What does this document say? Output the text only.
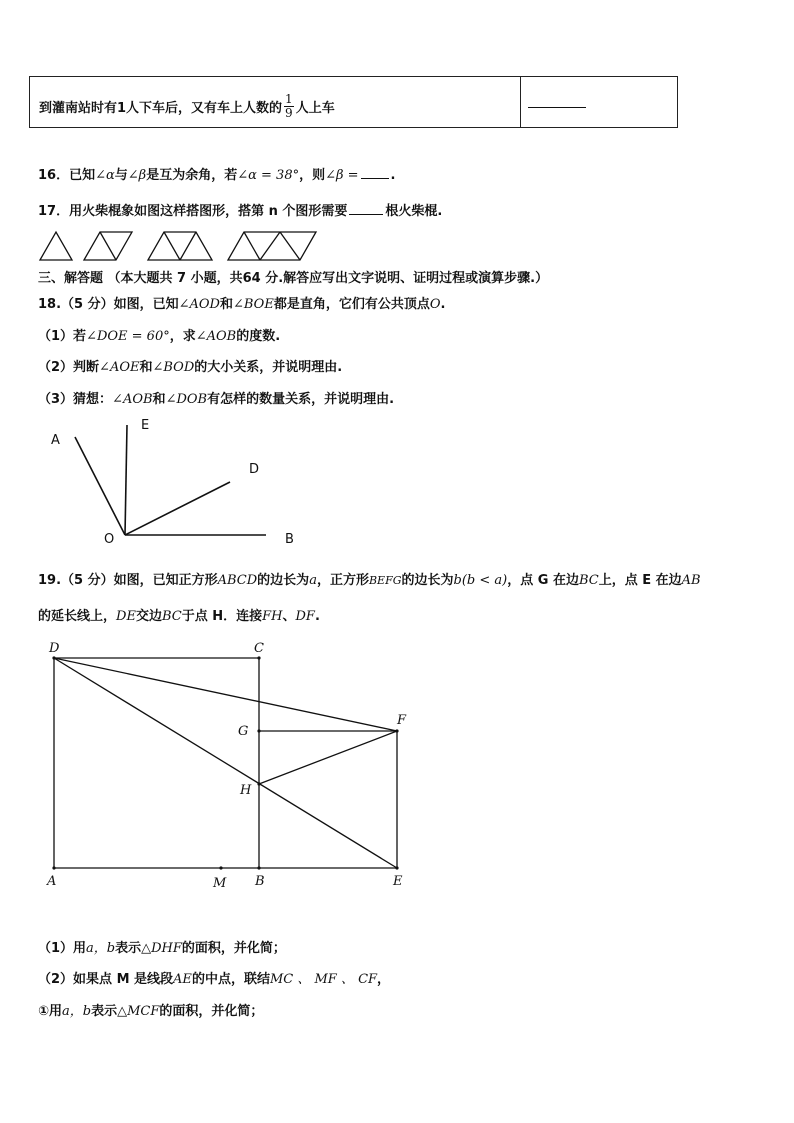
到灌南站时有1人下车后，又有车上人数的 $\frac{1}{9}$ 人上车
16．已知∠α与∠β是互为余角，若∠α = 38°，则∠β = .
17．用火柴棍象如图这样搭图形，搭第 n 个图形需要	根火柴棍.
三、解答题 （本大题共 7 小题，共64 分.解答应写出文字说明、证明过程或演算步骤.）
18.（5 分）如图，已知∠AOD和∠BOE都是直角，它们有公共顶点O.
（1）若∠DOE = 60°，求∠AOB的度数.
（2）判断∠AOE和∠BOD的大小关系，并说明理由.
（3）猜想：∠AOB和∠DOB有怎样的数量关系，并说明理由.
A
E
D
O	B
19.（5 分）如图，已知正方形ABCD的边长为a，正方形BEFG的边长为b(b < a)，点 G 在边BC上，点 E 在边AB
的延长线上，DE交边BC于点 H．连接FH、DF.
D	C
G
F
H
A	M B	E
（1）用a，b表示△DHF的面积，并化简；
（2）如果点 M 是线段AE的中点，联结MC 、 MF 、 CF，
①用a，b表示△MCF的面积，并化简；
